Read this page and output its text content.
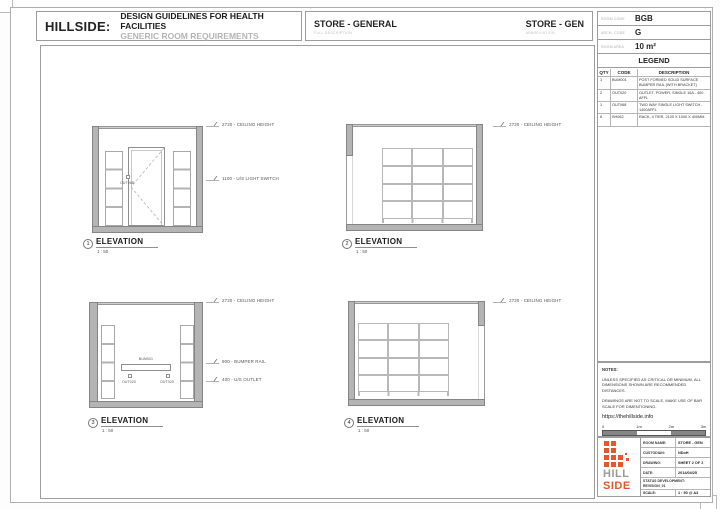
HILLSIDE:
DESIGN GUIDELINES FOR HEALTH FACILITIES
GENERIC ROOM REQUIREMENTS
STORE - GENERAL
FULL DESCRIPTION
STORE - GEN
ABBREVIATION
ROOM CODE	BGB
ARCH. CODE	G
ROOM AREA	10 m²
LEGEND
QTY	CODE	DESCRIPTION
1	BUM001	POST FORMED SOLID SURFACE BUMPER RAIL (WITH BRACKET)
2	OUT020	OUTLET, POWER, SINGLE 16A - 400 AFFL
1	OUT068	TWO WAY SINGLE LIGHT SWITCH - 1400AFFL
6	SH062	RACK, 4 TIER, 2100 X 1000 X 400MM
NOTES:
UNLESS SPECIFIED AS CRITICAL OR MINIMUM, ALL DIMENSIONS SHOWN ARE RECOMMENDED DISTANCES.
DRAWINGS ARE NOT TO SCALE, MAKE USE OF BAR SCALE FOR DIMENTIONING.
https://thehillside.info
0	1m	2m	3m
HILL
SIDE
ROOM NAME:	STORE - GEN
CUSTODIAN:	NDoH
DRAWING:	SHEET 2 OF 2
DATE:	2014/04/25
STATUS DEVELOPMENT:
REVISION_01
SCALE:	1 : 50 @ A3
OUT068
2720 - CEILING HEIGHT
1100 - U/S LIGHT SWITCH
1 ELEVATION
1 : 50
2720 - CEILING HEIGHT
2 ELEVATION
1 : 50
BUM001
OUT020	OUT020
2720 - CEILING HEIGHT
900 - BUMPER RAIL
400 - U/S OUTLET
3 ELEVATION
1 : 50
2720 - CEILING HEIGHT
4 ELEVATION
1 : 50
